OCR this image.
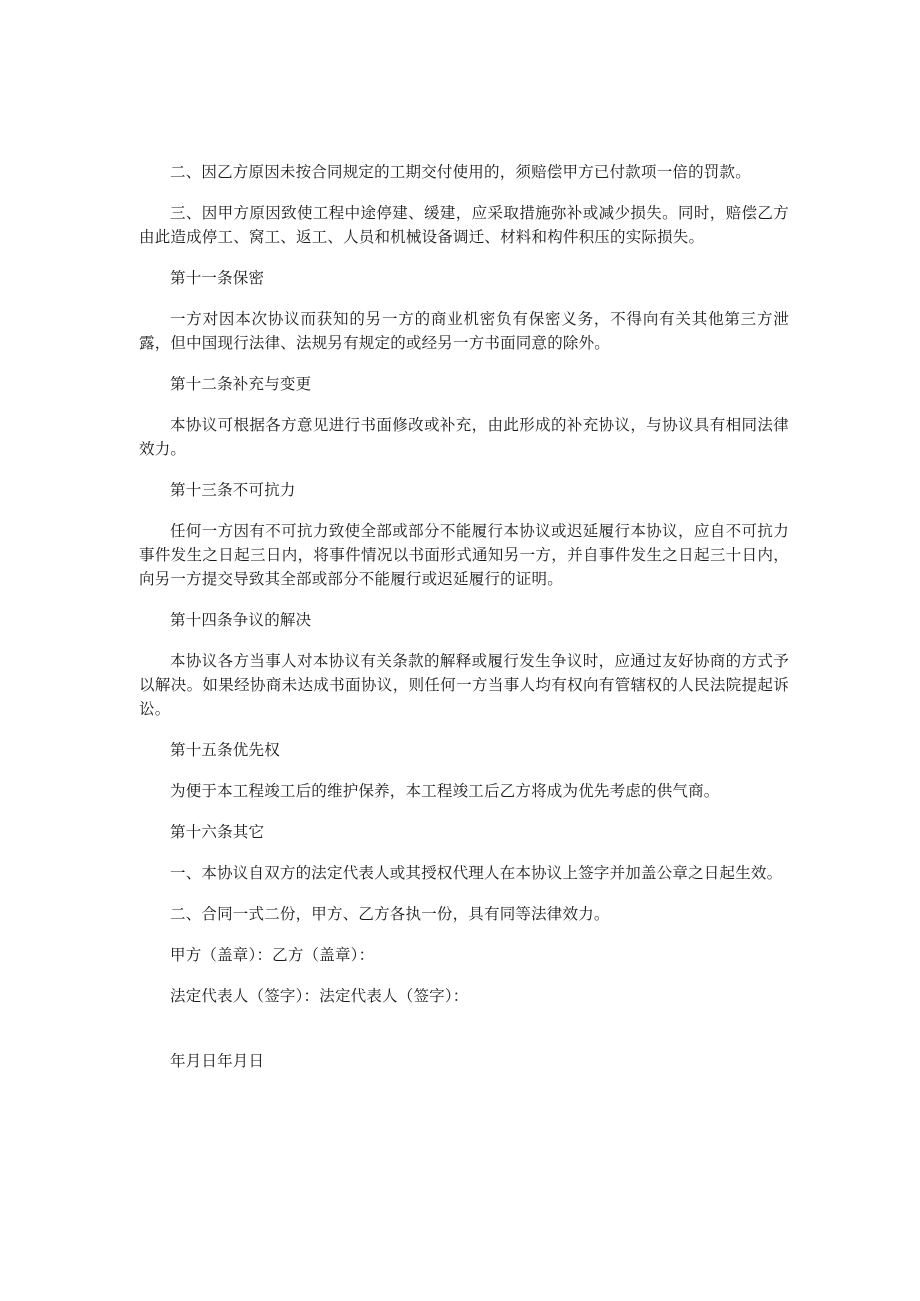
二、因乙方原因未按合同规定的工期交付使用的，须赔偿甲方已付款项一倍的罚款。

三、因甲方原因致使工程中途停建、缓建，应采取措施弥补或减少损失。同时，赔偿乙方由此造成停工、窝工、返工、人员和机械设备调迁、材料和构件积压的实际损失。

第十一条保密

一方对因本次协议而获知的另一方的商业机密负有保密义务，不得向有关其他第三方泄露，但中国现行法律、法规另有规定的或经另一方书面同意的除外。

第十二条补充与变更

本协议可根据各方意见进行书面修改或补充，由此形成的补充协议，与协议具有相同法律效力。

第十三条不可抗力

任何一方因有不可抗力致使全部或部分不能履行本协议或迟延履行本协议，应自不可抗力事件发生之日起三日内，将事件情况以书面形式通知另一方，并自事件发生之日起三十日内，向另一方提交导致其全部或部分不能履行或迟延履行的证明。

第十四条争议的解决

本协议各方当事人对本协议有关条款的解释或履行发生争议时，应通过友好协商的方式予以解决。如果经协商未达成书面协议，则任何一方当事人均有权向有管辖权的人民法院提起诉讼。

第十五条优先权

为便于本工程竣工后的维护保养，本工程竣工后乙方将成为优先考虑的供气商。

第十六条其它

一、本协议自双方的法定代表人或其授权代理人在本协议上签字并加盖公章之日起生效。

二、合同一式二份，甲方、乙方各执一份，具有同等法律效力。

甲方（盖章）：乙方（盖章）：

法定代表人（签字）：法定代表人（签字）：

年月日年月日
